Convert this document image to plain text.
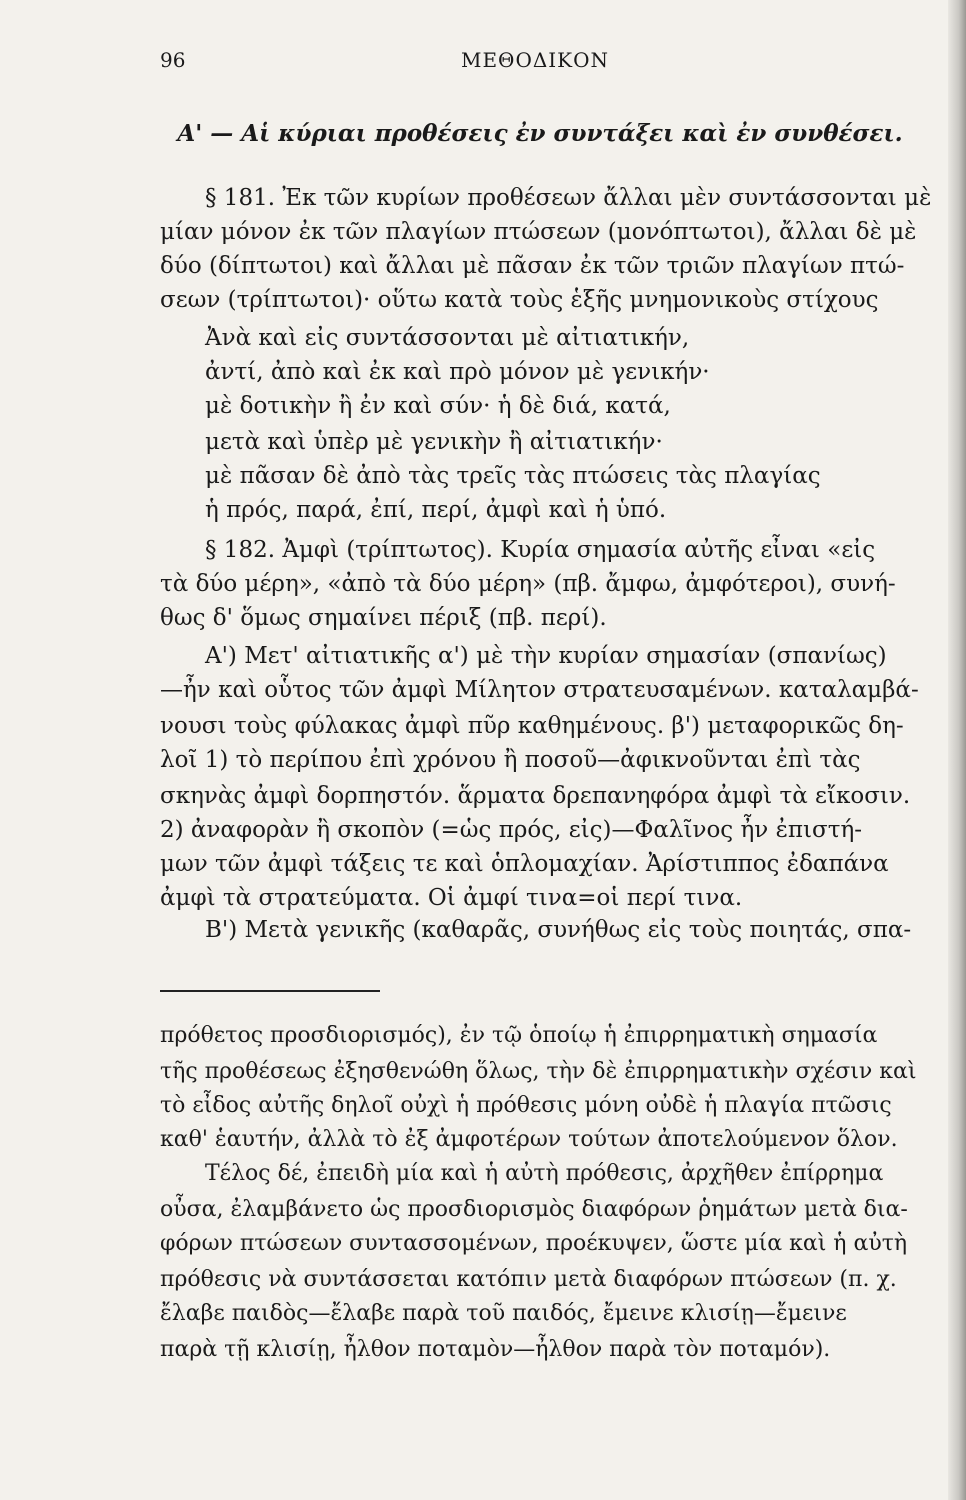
96	ΜΕΘΟΔΙΚΟΝ
Α' — Αἱ κύριαι προθέσεις ἐν συντάξει καὶ ἐν συνθέσει.
§ 181. Ἐκ τῶν κυρίων προθέσεων ἄλλαι μὲν συντάσσονται μὲ
μίαν μόνον ἐκ τῶν πλαγίων πτώσεων (μονόπτωτοι), ἄλλαι δὲ μὲ
δύο (δίπτωτοι) καὶ ἄλλαι μὲ πᾶσαν ἐκ τῶν τριῶν πλαγίων πτώ-
σεων (τρίπτωτοι)· οὕτω κατὰ τοὺς ἑξῆς μνημονικοὺς στίχους
Ἀνὰ καὶ εἰς συντάσσονται μὲ αἰτιατικήν,
ἀντί, ἀπὸ καὶ ἐκ καὶ πρὸ μόνον μὲ γενικήν·
μὲ δοτικὴν ἢ ἐν καὶ σύν· ἡ δὲ διά, κατά,
μετὰ καὶ ὑπὲρ μὲ γενικὴν ἢ αἰτιατικήν·
μὲ πᾶσαν δὲ ἀπὸ τὰς τρεῖς τὰς πτώσεις τὰς πλαγίας
ἡ πρός, παρά, ἐπί, περί, ἀμφὶ καὶ ἡ ὑπό.
§ 182. Ἀμφὶ (τρίπτωτος). Κυρία σημασία αὐτῆς εἶναι «εἰς
τὰ δύο μέρη», «ἀπὸ τὰ δύο μέρη» (πβ. ἄμφω, ἀμφότεροι), συνή-
θως δ' ὅμως σημαίνει πέριξ (πβ. περί).
Α') Μετ' αἰτιατικῆς α') μὲ τὴν κυρίαν σημασίαν (σπανίως)
—ἦν καὶ οὗτος τῶν ἀμφὶ Μίλητον στρατευσαμένων. καταλαμβά-
νουσι τοὺς φύλακας ἀμφὶ πῦρ καθημένους. β') μεταφορικῶς δη-
λοῖ 1) τὸ περίπου ἐπὶ χρόνου ἢ ποσοῦ—ἀφικνοῦνται ἐπὶ τὰς
σκηνὰς ἀμφὶ δορπηστόν. ἅρματα δρεπανηφόρα ἀμφὶ τὰ εἴκοσιν.
2) ἀναφορὰν ἢ σκοπὸν (=ὡς πρός, εἰς)—Φαλῖνος ἦν ἐπιστή-
μων τῶν ἀμφὶ τάξεις τε καὶ ὁπλομαχίαν. Ἀρίστιππος ἐδαπάνα
ἀμφὶ τὰ στρατεύματα. Οἱ ἀμφί τινα=οἱ περί τινα.
Β') Μετὰ γενικῆς (καθαρᾶς, συνήθως εἰς τοὺς ποιητάς, σπα-
πρόθετος προσδιορισμός), ἐν τῷ ὁποίῳ ἡ ἐπιρρηματικὴ σημασία
τῆς προθέσεως ἐξησθενώθη ὅλως, τὴν δὲ ἐπιρρηματικὴν σχέσιν καὶ
τὸ εἶδος αὐτῆς δηλοῖ οὐχὶ ἡ πρόθεσις μόνη οὐδὲ ἡ πλαγία πτῶσις
καθ' ἑαυτήν, ἀλλὰ τὸ ἐξ ἀμφοτέρων τούτων ἀποτελούμενον ὅλον.
Τέλος δέ, ἐπειδὴ μία καὶ ἡ αὐτὴ πρόθεσις, ἀρχῆθεν ἐπίρρημα
οὖσα, ἐλαμβάνετο ὡς προσδιορισμὸς διαφόρων ῥημάτων μετὰ δια-
φόρων πτώσεων συντασσομένων, προέκυψεν, ὥστε μία καὶ ἡ αὐτὴ
πρόθεσις νὰ συντάσσεται κατόπιν μετὰ διαφόρων πτώσεων (π. χ.
ἔλαβε παιδὸς—ἔλαβε παρὰ τοῦ παιδός, ἔμεινε κλισίῃ—ἔμεινε
παρὰ τῇ κλισίῃ, ἦλθον ποταμὸν—ἦλθον παρὰ τὸν ποταμόν).
